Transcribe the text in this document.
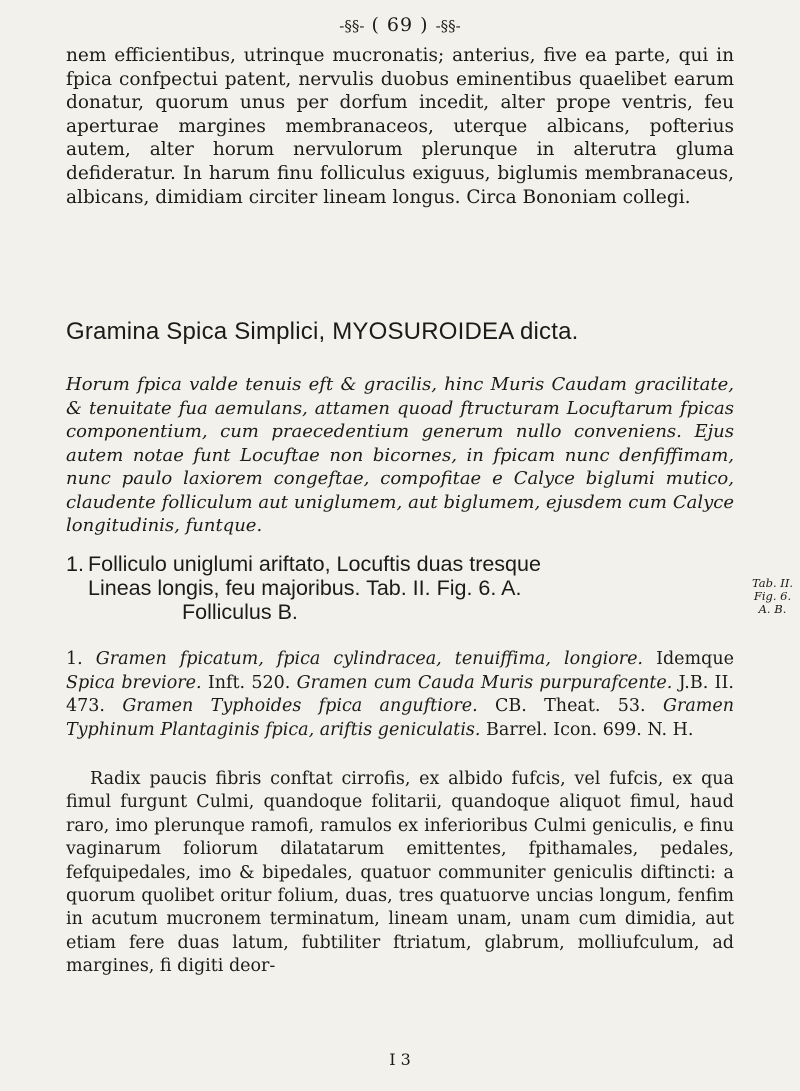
-§§- ( 69 ) -§§-
nem efficientibus, utrinque mucronatis; anterius, five ea parte, qui in fpica confpectui patent, nervulis duobus eminentibus quaelibet earum donatur, quorum unus per dorfum incedit, alter prope ventris, feu aperturae margines membranaceos, uterque albicans, pofterius autem, alter horum nervulorum plerunque in alterutra gluma defideratur. In harum finu folliculus exiguus, biglumis membranaceus, albicans, dimidiam circiter lineam longus. Circa Bononiam collegi.
Gramina Spica Simplici, MYOSUROIDEA dicta.
Horum fpica valde tenuis eft & gracilis, hinc Muris Caudam gracilitate, & tenuitate fua aemulans, attamen quoad ftructuram Locuftarum fpicas componentium, cum praecedentium generum nullo conveniens. Ejus autem notae funt Locuftae non bicornes, in fpicam nunc denfiffimam, nunc paulo laxiorem congeftae, compofitae e Calyce biglumi mutico, claudente folliculum aut uniglumem, aut biglumem, ejusdem cum Calyce longitudinis, funtque.
1. Folliculo uniglumi ariftato, Locuftis duas tresque
Lineas longis, feu majoribus. Tab. II. Fig. 6. A.
Folliculus B.
Tab. II. Fig. 6.
A. B.
1. Gramen fpicatum, fpica cylindracea, tenuiffima, longiore. Idemque Spica breviore. Inft. 520. Gramen cum Cauda Muris purpurafcente. J.B. II. 473. Gramen Typhoides fpica anguftiore. CB. Theat. 53. Gramen Typhinum Plantaginis fpica, ariftis geniculatis. Barrel. Icon. 699. N. H.
Radix paucis fibris conftat cirrofis, ex albido fufcis, vel fufcis, ex qua fimul furgunt Culmi, quandoque folitarii, quandoque aliquot fimul, haud raro, imo plerunque ramofi, ramulos ex inferioribus Culmi geniculis, e finu vaginarum foliorum dilatatarum emittentes, fpithamales, pedales, fefquipedales, imo & bipedales, quatuor communiter geniculis diftincti: a quorum quolibet oritur folium, duas, tres quatuorve uncias longum, fenfim in acutum mucronem terminatum, lineam unam, unam cum dimidia, aut etiam fere duas latum, fubtiliter ftriatum, glabrum, molliufculum, ad margines, fi digiti deor-
I 3
